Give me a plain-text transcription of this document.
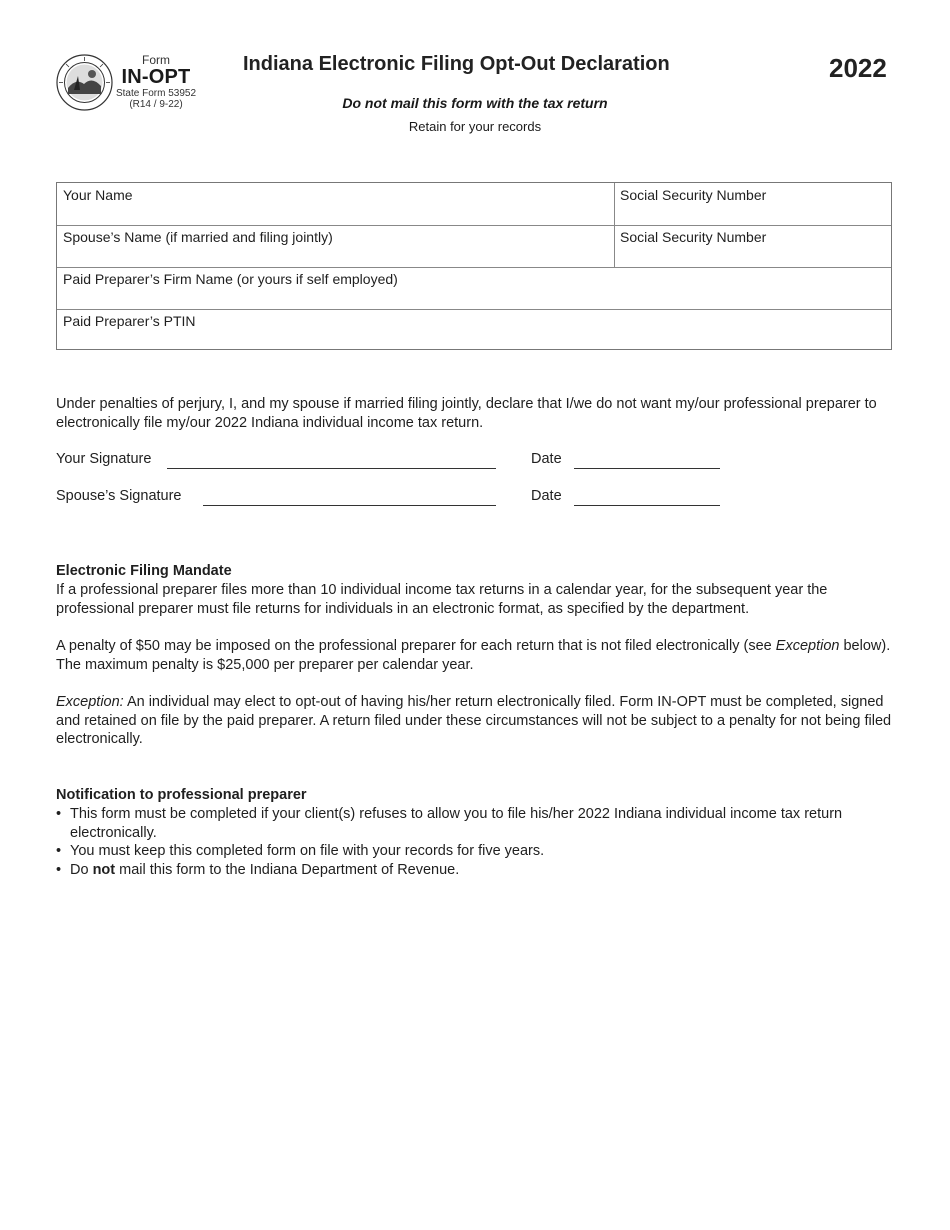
Form
IN-OPT
State Form 53952
(R14 / 9-22)
Indiana Electronic Filing Opt-Out Declaration	2022
Do not mail this form with the tax return
Retain for your records
Your Name	Social Security Number
Spouse’s Name (if married and filing jointly)	Social Security Number
Paid Preparer’s Firm Name (or yours if self employed)
Paid Preparer’s PTIN
Under penalties of perjury, I, and my spouse if married filing jointly, declare that I/we do not want my/our professional preparer to electronically file my/our 2022 Indiana individual income tax return.
Your Signature	Date
Spouse’s Signature	Date
Electronic Filing Mandate
If a professional preparer files more than 10 individual income tax returns in a calendar year, for the subsequent year the professional preparer must file returns for individuals in an electronic format, as specified by the department.
A penalty of $50 may be imposed on the professional preparer for each return that is not filed electronically (see Exception below). The maximum penalty is $25,000 per preparer per calendar year.
Exception: An individual may elect to opt-out of having his/her return electronically filed. Form IN-OPT must be completed, signed and retained on file by the paid preparer. A return filed under these circumstances will not be subject to a penalty for not being filed electronically.
Notification to professional preparer
• This form must be completed if your client(s) refuses to allow you to file his/her 2022 Indiana individual income tax return electronically.
• You must keep this completed form on file with your records for five years.
• Do not mail this form to the Indiana Department of Revenue.
